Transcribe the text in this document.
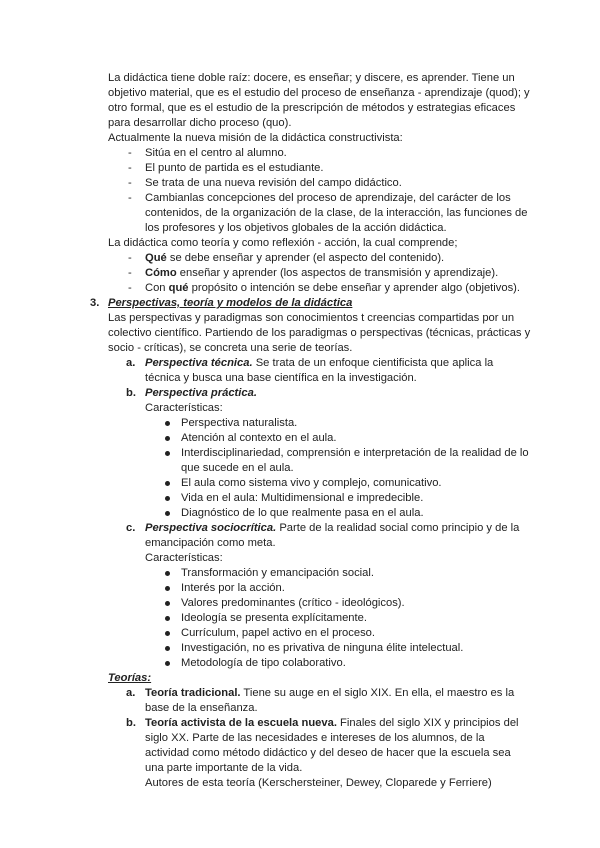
La didáctica tiene doble raíz: docere, es enseñar; y discere, es aprender. Tiene un
objetivo material, que es el estudio del proceso de enseñanza - aprendizaje (quod); y
otro formal, que es el estudio de la prescripción de métodos y estrategias eficaces
para desarrollar dicho proceso (quo).
Actualmente la nueva misión de la didáctica constructivista:
- Sitúa en el centro al alumno.
- El punto de partida es el estudiante.
- Se trata de una nueva revisión del campo didáctico.
- Cambianlas concepciones del proceso de aprendizaje, del carácter de los
contenidos, de la organización de la clase, de la interacción, las funciones de
los profesores y los objetivos globales de la acción didáctica.
La didáctica como teoría y como reflexión - acción, la cual comprende;
- Qué se debe enseñar y aprender (el aspecto del contenido).
- Cómo enseñar y aprender (los aspectos de transmisión y aprendizaje).
- Con qué propósito o intención se debe enseñar y aprender algo (objetivos).
3. Perspectivas, teoría y modelos de la didáctica
Las perspectivas y paradigmas son conocimientos t creencias compartidas por un
colectivo científico. Partiendo de los paradigmas o perspectivas (técnicas, prácticas y
socio - críticas), se concreta una serie de teorías.
a. Perspectiva técnica. Se trata de un enfoque cientificista que aplica la
técnica y busca una base científica en la investigación.
b. Perspectiva práctica.
Características:
Perspectiva naturalista.
Atención al contexto en el aula.
Interdisciplinariedad, comprensión e interpretación de la realidad de lo
que sucede en el aula.
El aula como sistema vivo y complejo, comunicativo.
Vida en el aula: Multidimensional e impredecible.
Diagnóstico de lo que realmente pasa en el aula.
c. Perspectiva sociocrítica. Parte de la realidad social como principio y de la
emancipación como meta.
Características:
Transformación y emancipación social.
Interés por la acción.
Valores predominantes (crítico - ideológicos).
Ideología se presenta explícitamente.
Currículum, papel activo en el proceso.
Investigación, no es privativa de ninguna élite intelectual.
Metodología de tipo colaborativo.
Teorías:
a. Teoría tradicional. Tiene su auge en el siglo XIX. En ella, el maestro es la
base de la enseñanza.
b. Teoría activista de la escuela nueva. Finales del siglo XIX y principios del
siglo XX. Parte de las necesidades e intereses de los alumnos, de la
actividad como método didáctico y del deseo de hacer que la escuela sea
una parte importante de la vida.
Autores de esta teoría (Kerschersteiner, Dewey, Cloparede y Ferriere)
